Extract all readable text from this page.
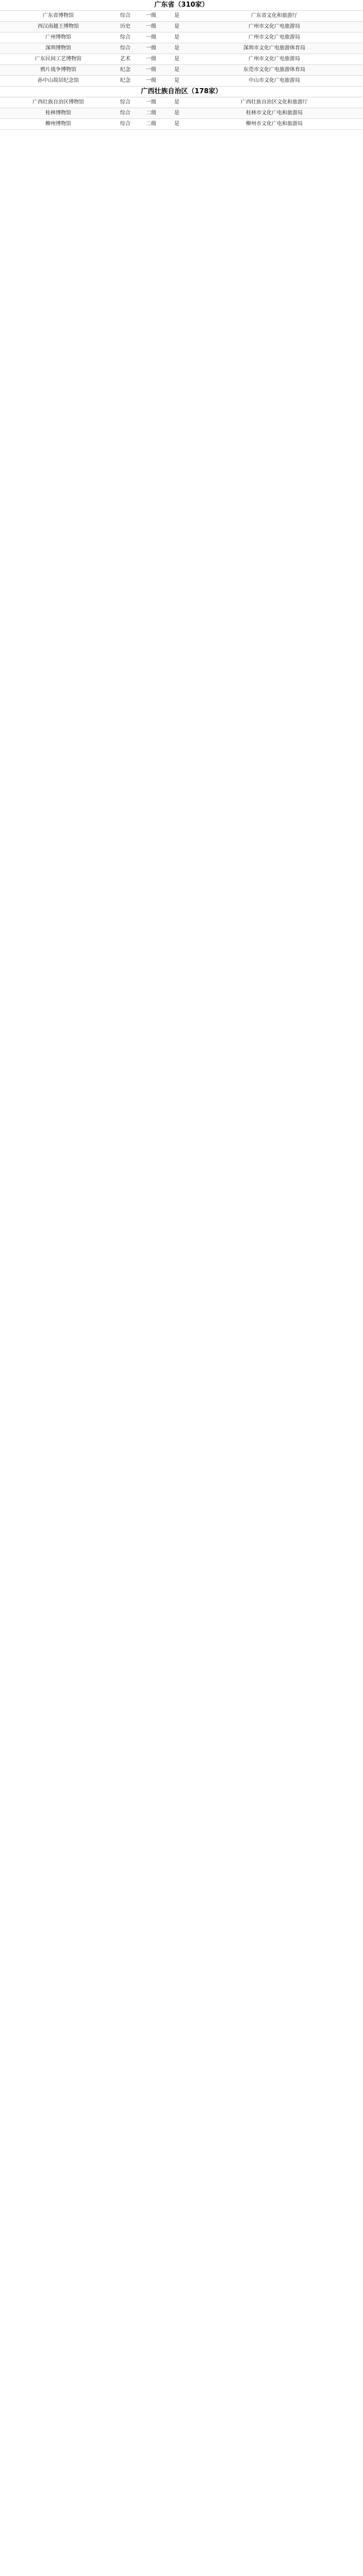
广东省（310家）
广东省博物馆	综合	一级	是	广东省文化和旅游厅
西汉南越王博物馆	历史	一级	是	广州市文化广电旅游局
广州博物馆	综合	一级	是	广州市文化广电旅游局
深圳博物馆	综合	一级	是	深圳市文化广电旅游体育局
广东民间工艺博物馆	艺术	一级	是	广州市文化广电旅游局
鸦片战争博物馆	纪念	一级	是	东莞市文化广电旅游体育局
孙中山故居纪念馆	纪念	一级	是	中山市文化广电旅游局
广西壮族自治区（178家）
广西壮族自治区博物馆	综合	一级	是	广西壮族自治区文化和旅游厅
桂林博物馆	综合	二级	是	桂林市文化广电和旅游局
柳州博物馆	综合	二级	是	柳州市文化广电和旅游局
